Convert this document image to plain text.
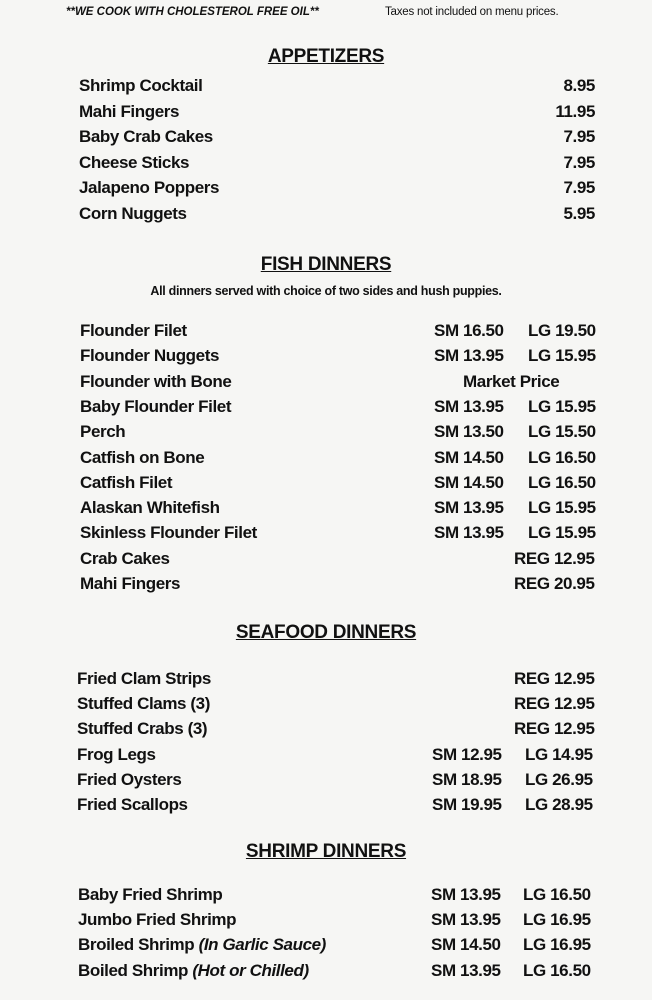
**WE COOK WITH CHOLESTEROL FREE OIL**	Taxes not included on menu prices.
APPETIZERS
Shrimp Cocktail	8.95
Mahi Fingers	11.95
Baby Crab Cakes	7.95
Cheese Sticks	7.95
Jalapeno Poppers	7.95
Corn Nuggets	5.95
FISH DINNERS
All dinners served with choice of two sides and hush puppies.
Flounder Filet	SM 16.50 LG 19.50
Flounder Nuggets	SM 13.95 LG 15.95
Flounder with Bone	Market Price
Baby Flounder Filet	SM 13.95 LG 15.95
Perch	SM 13.50 LG 15.50
Catfish on Bone	SM 14.50 LG 16.50
Catfish Filet	SM 14.50 LG 16.50
Alaskan Whitefish	SM 13.95 LG 15.95
Skinless Flounder Filet	SM 13.95 LG 15.95
Crab Cakes	REG 12.95
Mahi Fingers	REG 20.95
SEAFOOD DINNERS
Fried Clam Strips	REG 12.95
Stuffed Clams (3)	REG 12.95
Stuffed Crabs (3)	REG 12.95
Frog Legs	SM 12.95 LG 14.95
Fried Oysters	SM 18.95 LG 26.95
Fried Scallops	SM 19.95 LG 28.95
SHRIMP DINNERS
Baby Fried Shrimp	SM 13.95 LG 16.50
Jumbo Fried Shrimp	SM 13.95 LG 16.95
Broiled Shrimp (In Garlic Sauce)	SM 14.50 LG 16.95
Boiled Shrimp (Hot or Chilled)	SM 13.95 LG 16.50
